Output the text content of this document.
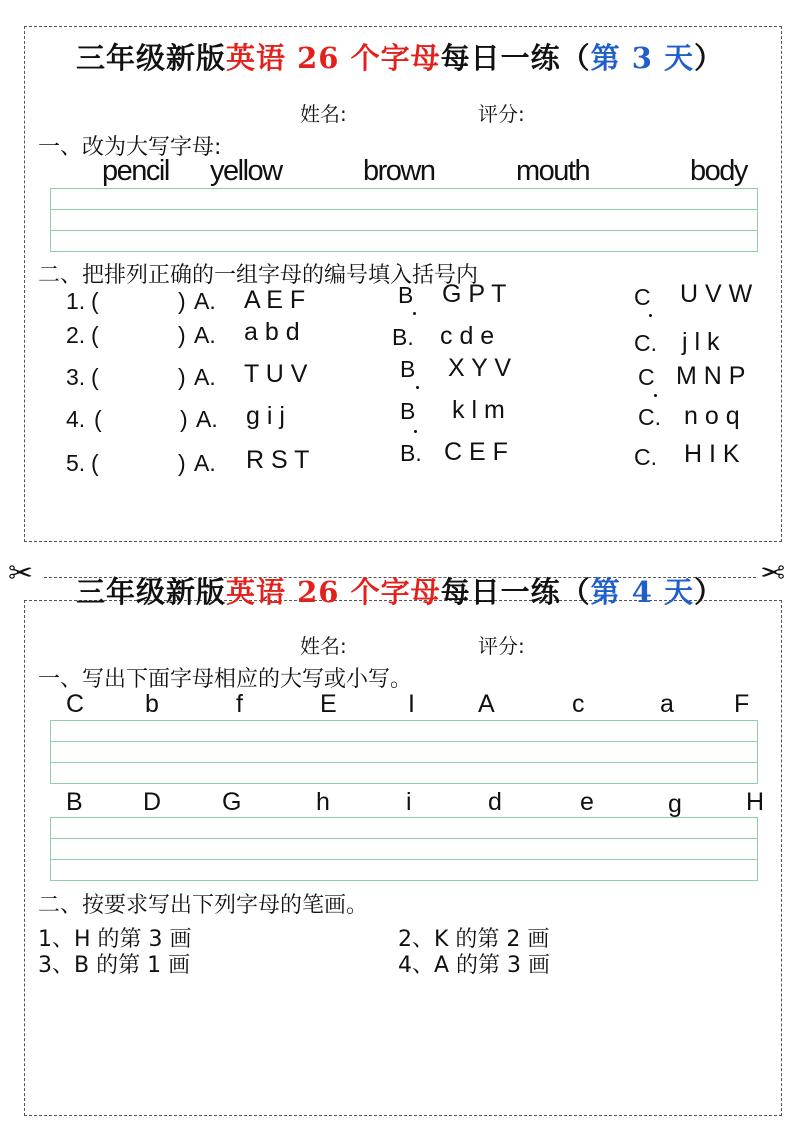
三年级新版英语 26 个字母每日一练（第 3 天）
姓名:	评分:
一、改为大写字母:
pencil yellow	brown	mouth	body
二、把排列正确的一组字母的编号填入括号内
1. (	) A. A E F	B G P T	C U V W
2. (	) A. a b d	B. c d e	C. j l k
3. (	) A. T U V	B X Y V	C M N P
4. (	) A. g i j	B k l m	C. n o q
5. (	) A. R S T	B. C E F	C. H I K
✂	✂
三年级新版英语 26 个字母每日一练（第 4 天）
姓名:	评分:
一、写出下面字母相应的大写或小写。
C b	f	E	I	A	c	a F
B D G	h	i	d	e	g	H
二、按要求写出下列字母的笔画。
1、H 的第 3 画	2、K 的第 2 画
3、B 的第 1 画	4、A 的第 3 画
